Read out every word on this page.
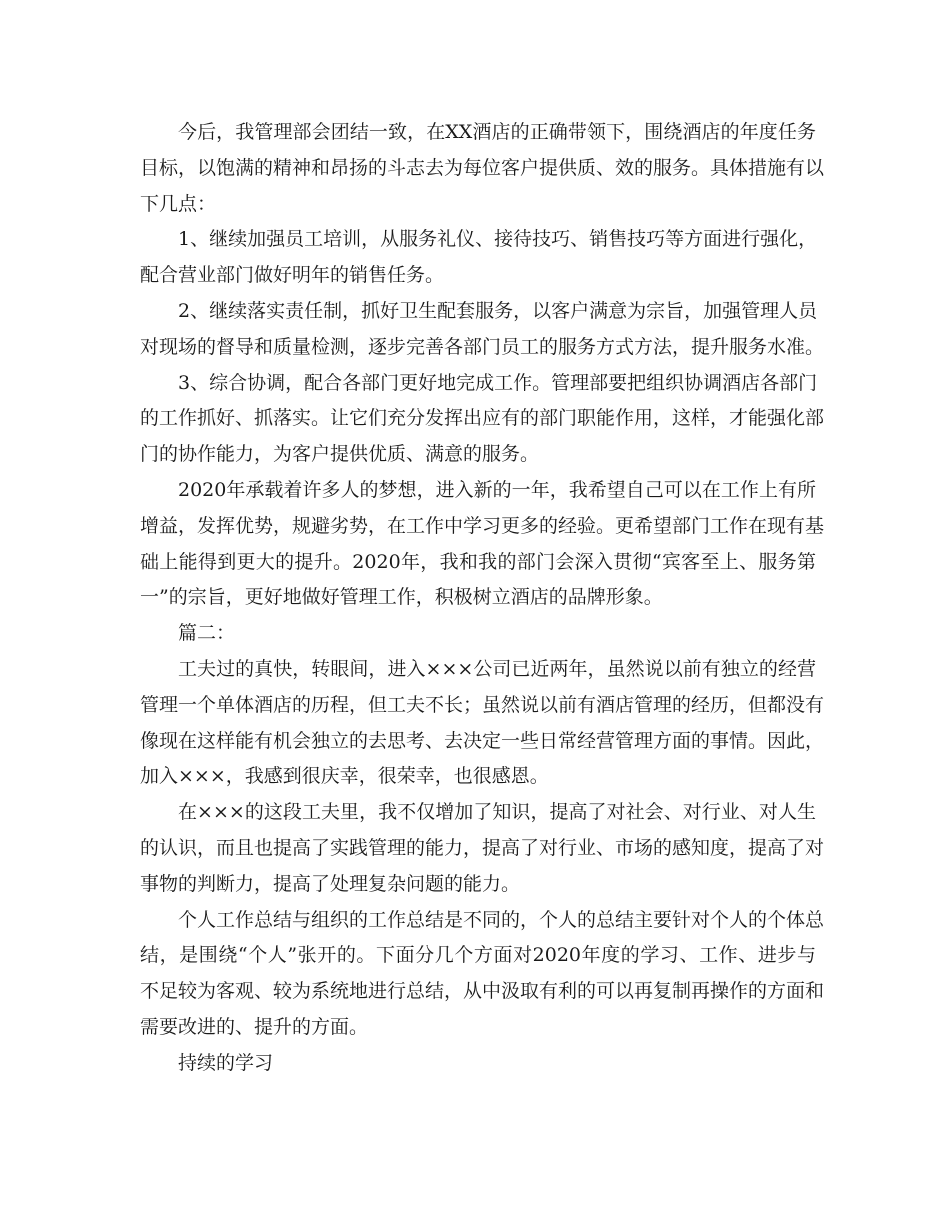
今后，我管理部会团结一致，在XX酒店的正确带领下，围绕酒店的年度任务
目标，以饱满的精神和昂扬的斗志去为每位客户提供质、效的服务。具体措施有以
下几点：
1、继续加强员工培训，从服务礼仪、接待技巧、销售技巧等方面进行强化，
配合营业部门做好明年的销售任务。
2、继续落实责任制，抓好卫生配套服务，以客户满意为宗旨，加强管理人员
对现场的督导和质量检测，逐步完善各部门员工的服务方式方法，提升服务水准。
3、综合协调，配合各部门更好地完成工作。管理部要把组织协调酒店各部门
的工作抓好、抓落实。让它们充分发挥出应有的部门职能作用，这样，才能强化部
门的协作能力，为客户提供优质、满意的服务。
2020年承载着许多人的梦想，进入新的一年，我希望自己可以在工作上有所
增益，发挥优势，规避劣势，在工作中学习更多的经验。更希望部门工作在现有基
础上能得到更大的提升。2020年，我和我的部门会深入贯彻“宾客至上、服务第
一”的宗旨，更好地做好管理工作，积极树立酒店的品牌形象。
篇二：
工夫过的真快，转眼间，进入×××公司已近两年，虽然说以前有独立的经营
管理一个单体酒店的历程，但工夫不长；虽然说以前有酒店管理的经历，但都没有
像现在这样能有机会独立的去思考、去决定一些日常经营管理方面的事情。因此，
加入×××，我感到很庆幸，很荣幸，也很感恩。
在×××的这段工夫里，我不仅增加了知识，提高了对社会、对行业、对人生
的认识，而且也提高了实践管理的能力，提高了对行业、市场的感知度，提高了对
事物的判断力，提高了处理复杂问题的能力。
个人工作总结与组织的工作总结是不同的，个人的总结主要针对个人的个体总
结，是围绕“个人”张开的。下面分几个方面对2020年度的学习、工作、进步与
不足较为客观、较为系统地进行总结，从中汲取有利的可以再复制再操作的方面和
需要改进的、提升的方面。
持续的学习
